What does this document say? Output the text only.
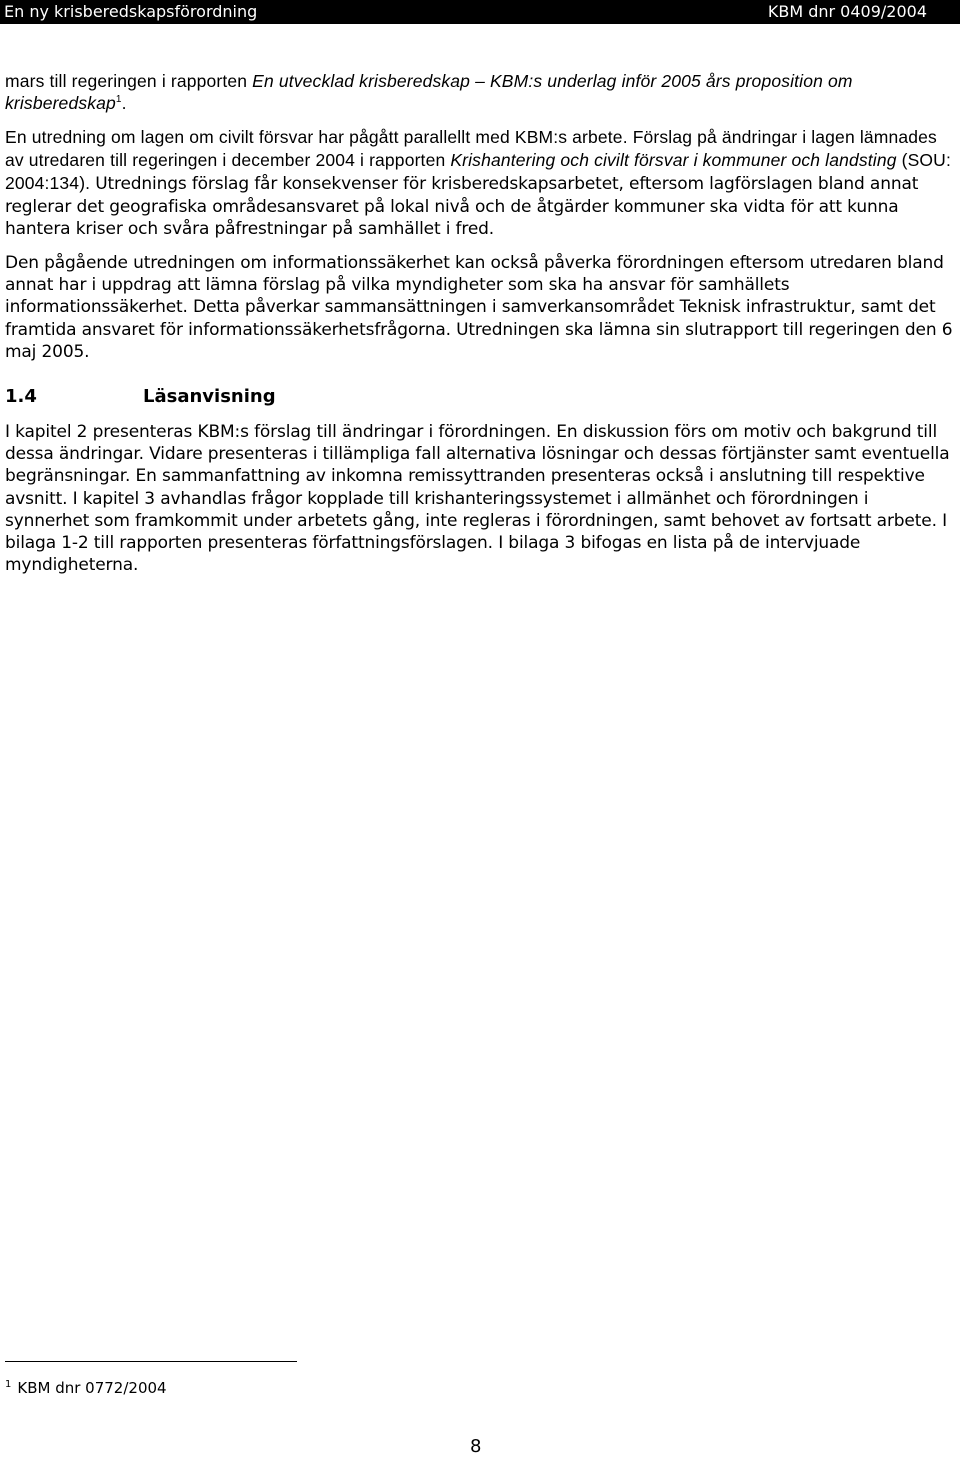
En ny krisberedskapsförordning	KBM dnr 0409/2004

mars till regeringen i rapporten En utvecklad krisberedskap – KBM:s underlag inför 2005 års proposition om krisberedskap$^1$.

En utredning om lagen om civilt försvar har pågått parallellt med KBM:s arbete. Förslag på ändringar i lagen lämnades av utredaren till regeringen i december 2004 i rapporten Krishantering och civilt försvar i kommuner och landsting (SOU: 2004:134). Utrednings förslag får konsekvenser för krisberedskapsarbetet, eftersom lagförslagen bland annat reglerar det geografiska områdesansvaret på lokal nivå och de åtgärder kommuner ska vidta för att kunna hantera kriser och svåra påfrestningar på samhället i fred.

Den pågående utredningen om informationssäkerhet kan också påverka förordningen eftersom utredaren bland annat har i uppdrag att lämna förslag på vilka myndigheter som ska ha ansvar för samhällets informationssäkerhet. Detta påverkar sammansättningen i samverkansområdet Teknisk infrastruktur, samt det framtida ansvaret för informationssäkerhetsfrågorna. Utredningen ska lämna sin slutrapport till regeringen den 6 maj 2005.

1.4	Läsanvisning

I kapitel 2 presenteras KBM:s förslag till ändringar i förordningen. En diskussion förs om motiv och bakgrund till dessa ändringar. Vidare presenteras i tillämpliga fall alternativa lösningar och dessas förtjänster samt eventuella begränsningar. En sammanfattning av inkomna remissyttranden presenteras också i anslutning till respektive avsnitt. I kapitel 3 avhandlas frågor kopplade till krishanteringssystemet i allmänhet och förordningen i synnerhet som framkommit under arbetets gång, inte regleras i förordningen, samt behovet av fortsatt arbete. I bilaga 1-2 till rapporten presenteras författningsförslagen. I bilaga 3 bifogas en lista på de intervjuade myndigheterna.

$^1$ KBM dnr 0772/2004
8
